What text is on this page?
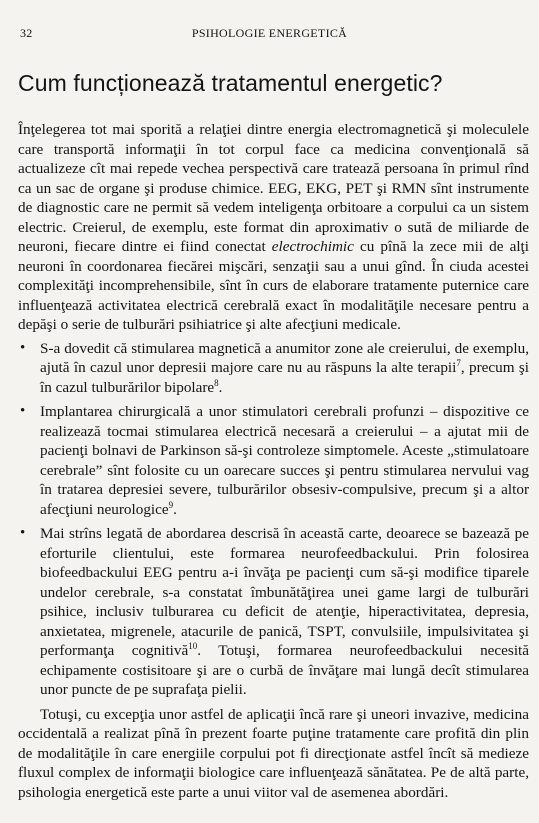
32	PSIHOLOGIE ENERGETICĂ
Cum funcționează tratamentul energetic?

Înţelegerea tot mai sporită a relaţiei dintre energia electromagnetică şi moleculele care transportă informaţii în tot corpul face ca medicina convenţională să actualizeze cît mai repede vechea perspectivă care tratează persoana în primul rînd ca un sac de organe şi produse chimice. EEG, EKG, PET şi RMN sînt instrumente de diagnostic care ne permit să vedem inteligenţa orbitoare a corpului ca un sistem electric. Creierul, de exemplu, este format din aproximativ o sută de miliarde de neuroni, fiecare dintre ei fiind conectat electrochimic cu pînă la zece mii de alţi neuroni în coordonarea fiecărei mişcări, senzaţii sau a unui gînd. În ciuda acestei complexităţi incomprehensibile, sînt în curs de elaborare tratamente puternice care influenţează activitatea electrică cerebrală exact în modalităţile necesare pentru a depăşi o serie de tulburări psihiatrice şi alte afecţiuni medicale.

• S-a dovedit că stimularea magnetică a anumitor zone ale creierului, de exemplu, ajută în cazul unor depresii majore care nu au răspuns la alte terapii$^7$, precum şi în cazul tulburărilor bipolare$^8$.
• Implantarea chirurgicală a unor stimulatori cerebrali profunzi – dispozitive ce realizează tocmai stimularea electrică necesară a creierului – a ajutat mii de pacienţi bolnavi de Parkinson să-şi controleze simptomele. Aceste „stimulatoare cerebrale” sînt folosite cu un oarecare succes şi pentru stimularea nervului vag în tratarea depresiei severe, tulburărilor obsesiv-compulsive, precum şi a altor afecţiuni neurologice$^9$.
• Mai strîns legată de abordarea descrisă în această carte, deoarece se bazează pe eforturile clientului, este formarea neurofeedbackului. Prin folosirea biofeedbackului EEG pentru a-i învăţa pe pacienţi cum să-şi modifice tiparele undelor cerebrale, s-a constatat îmbunătăţirea unei game largi de tulburări psihice, inclusiv tulburarea cu deficit de atenţie, hiperactivitatea, depresia, anxietatea, migrenele, atacurile de panică, TSPT, convulsiile, impulsivitatea şi performanţa cognitivă$^{10}$. Totuşi, formarea neurofeedbackului necesită echipamente costisitoare şi are o curbă de învăţare mai lungă decît stimularea unor puncte de pe suprafaţa pielii.

Totuşi, cu excepţia unor astfel de aplicaţii încă rare şi uneori invazive, medicina occidentală a realizat pînă în prezent foarte puţine tratamente care profită din plin de modalităţile în care energiile corpului pot fi direcţionate astfel încît să medieze fluxul complex de informaţii biologice care influenţează sănătatea. Pe de altă parte, psihologia energetică este parte a unui viitor val de asemenea abordări.
